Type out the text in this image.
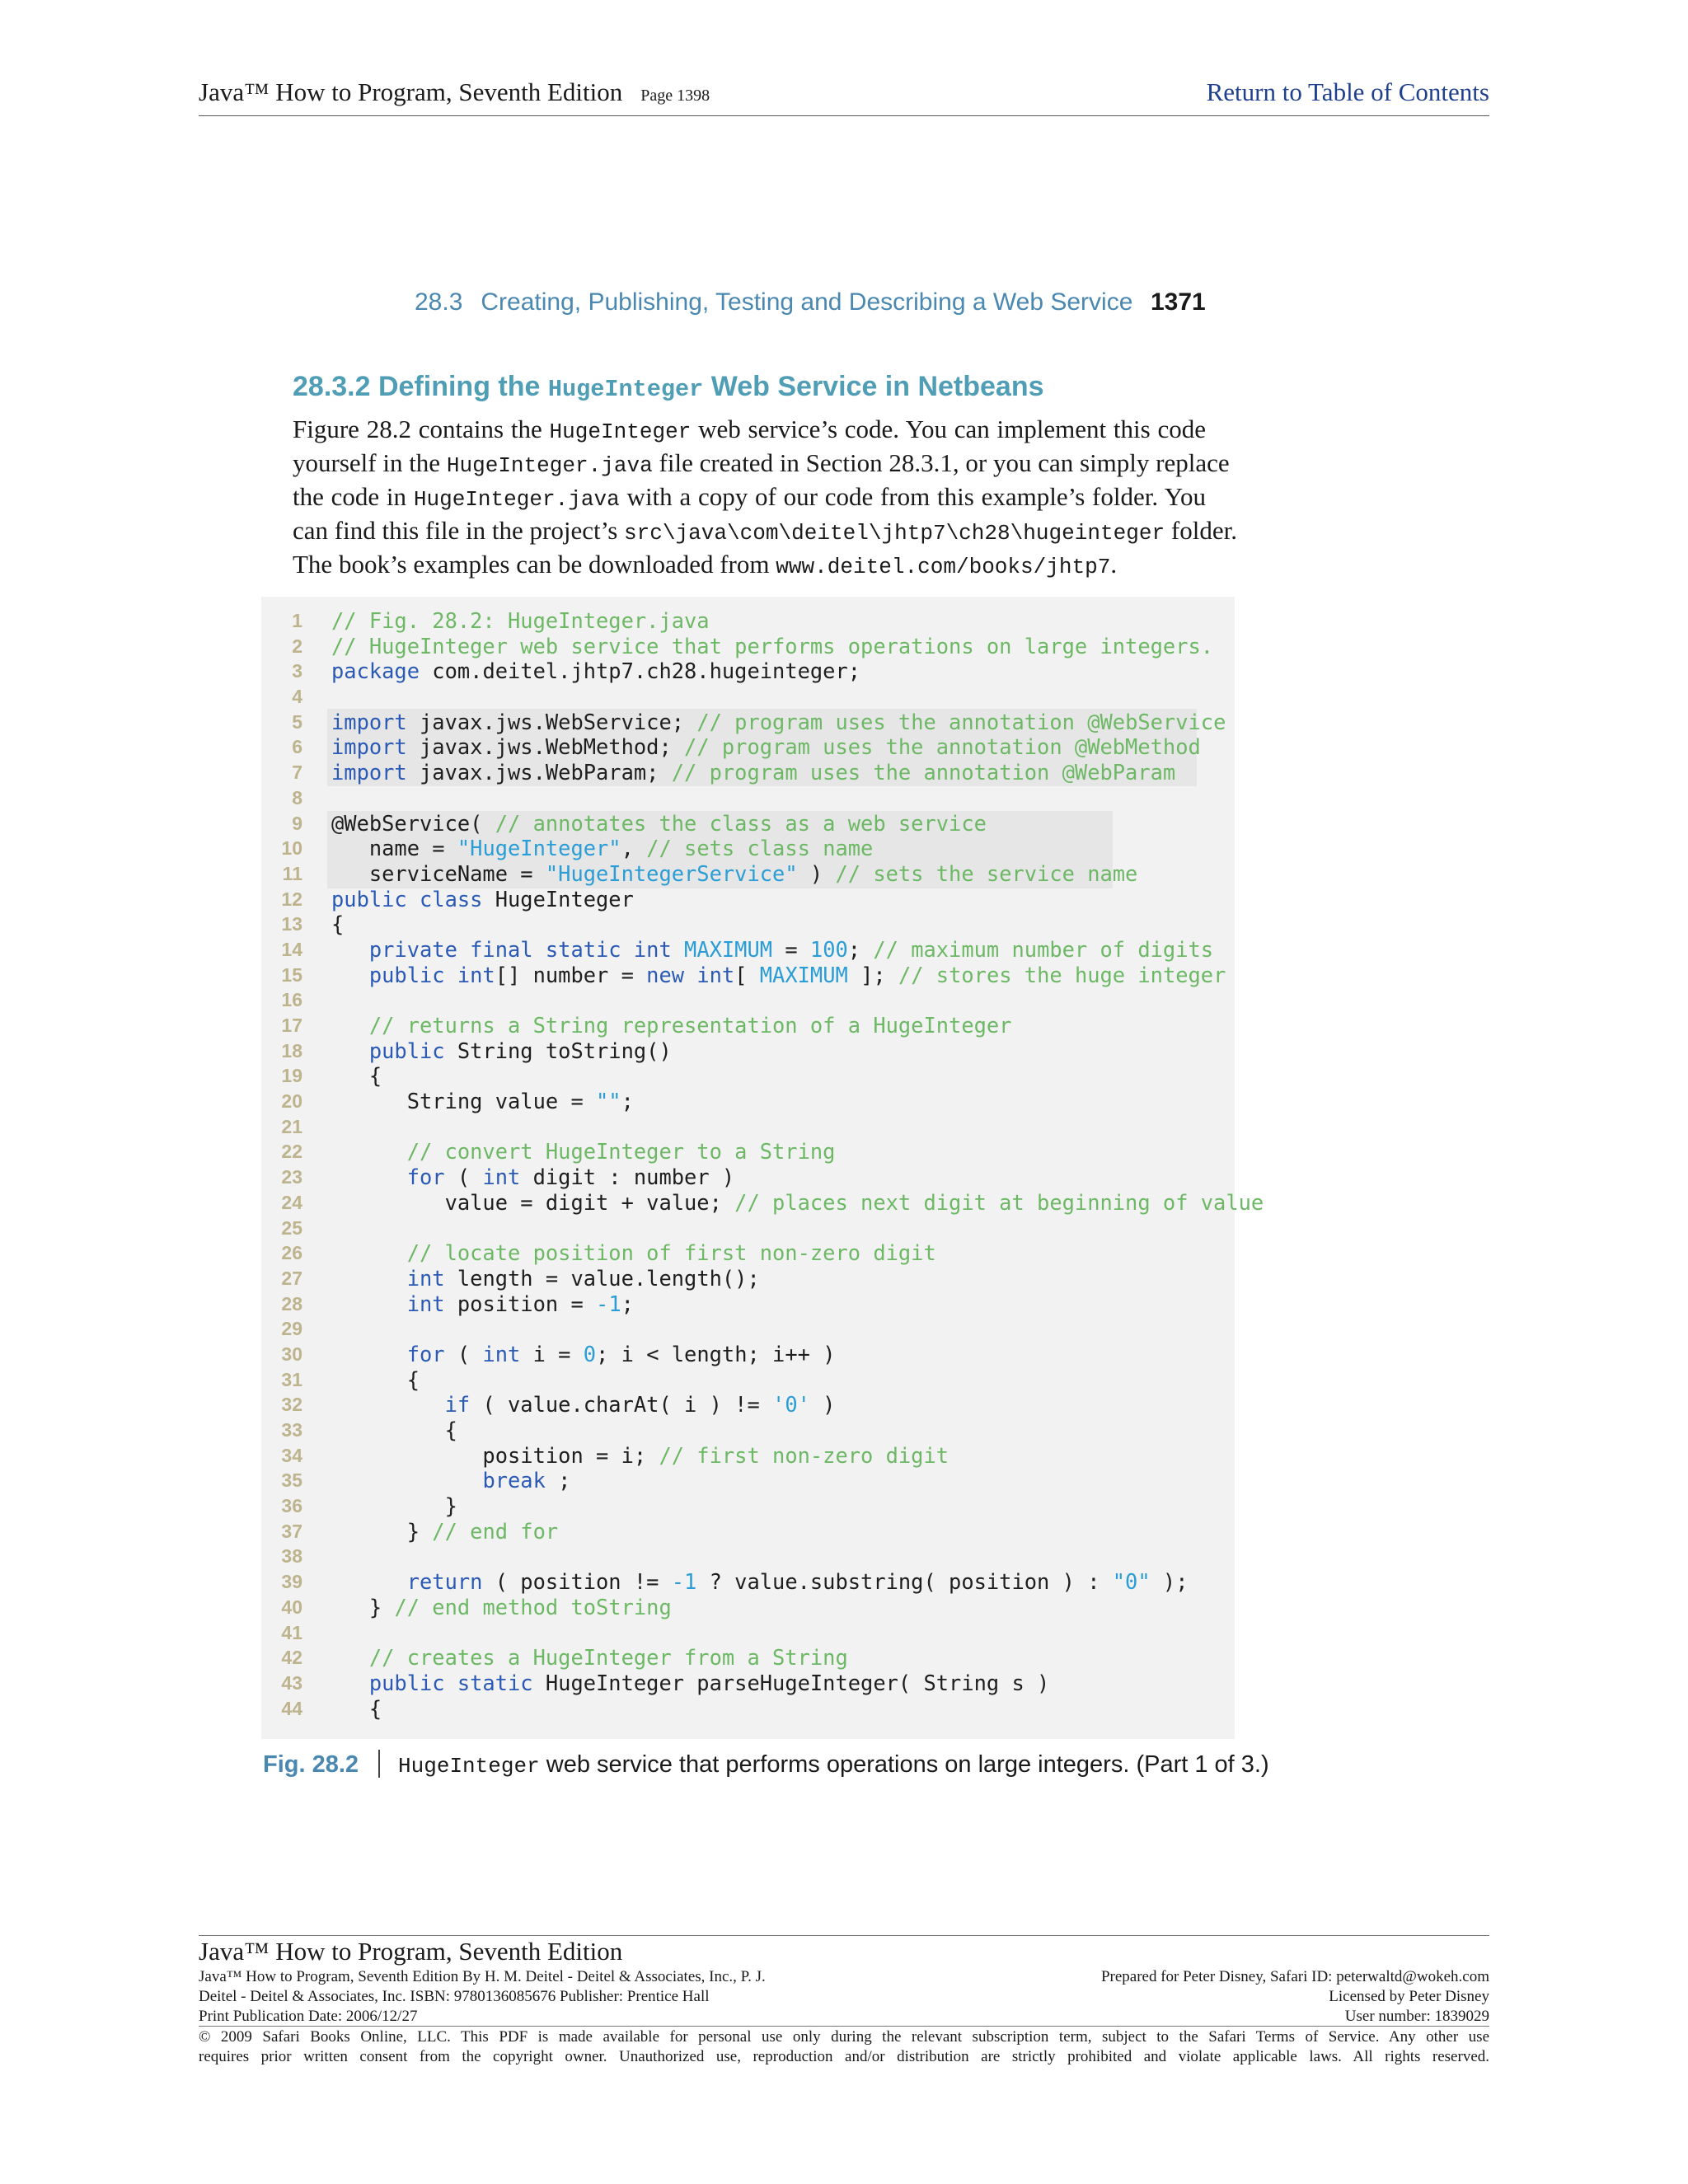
Java™ How to Program, Seventh Edition Page 1398	Return to Table of Contents
28.3 Creating, Publishing, Testing and Describing a Web Service 1371
28.3.2 Defining the HugeInteger Web Service in Netbeans
Figure 28.2 contains the HugeInteger web service’s code. You can implement this code
yourself in the HugeInteger.java file created in Section 28.3.1, or you can simply replace
the code in HugeInteger.java with a copy of our code from this example’s folder. You
can find this file in the project’s src\java\com\deitel\jhtp7\ch28\hugeinteger folder.
The book’s examples can be downloaded from www.deitel.com/books/jhtp7.
1 // Fig. 28.2: HugeInteger.java
2 // HugeInteger web service that performs operations on large integers.
3 package com.deitel.jhtp7.ch28.hugeinteger;
4
5 import javax.jws.WebService; // program uses the annotation @WebService
6 import javax.jws.WebMethod; // program uses the annotation @WebMethod
7 import javax.jws.WebParam; // program uses the annotation @WebParam
8
9 @WebService( // annotates the class as a web service
10 name = "HugeInteger", // sets class name
11 serviceName = "HugeIntegerService" ) // sets the service name
12 public class HugeInteger
13 {
14	private final static int MAXIMUM = 100; // maximum number of digits
15	public int[] number = new int[ MAXIMUM ]; // stores the huge integer
16
17	// returns a String representation of a HugeInteger
18	public String toString()
19 {
20 String value = "";
21
22	// convert HugeInteger to a String
23	for ( int digit : number )
24 value = digit + value; // places next digit at beginning of value
25
26	// locate position of first non-zero digit
27	int length = value.length();
28	int position = -1;
29
30	for ( int i = 0; i < length; i++ )
31 {
32	if ( value.charAt( i ) != '0' )
33 {
34 position = i; // first non-zero digit
35	break ;
36 }
37 } // end for
38
39	return ( position != -1 ? value.substring( position ) : "0" );
40 } // end method toString
41
42	// creates a HugeInteger from a String
43	public static HugeInteger parseHugeInteger( String s )
44 {
Fig. 28.2 HugeInteger web service that performs operations on large integers. (Part 1 of 3.)
Java™ How to Program, Seventh Edition
Java™ How to Program, Seventh Edition By H. M. Deitel - Deitel & Associates, Inc., P. J.	Prepared for Peter Disney, Safari ID: peterwaltd@wokeh.com
Deitel - Deitel & Associates, Inc. ISBN: 9780136085676 Publisher: Prentice Hall	Licensed by Peter Disney
Print Publication Date: 2006/12/27	User number: 1839029
© 2009 Safari Books Online, LLC. This PDF is made available for personal use only during the relevant subscription term, subject to the Safari Terms of Service. Any other use
requires prior written consent from the copyright owner. Unauthorized use, reproduction and/or distribution are strictly prohibited and violate applicable laws. All rights reserved.
